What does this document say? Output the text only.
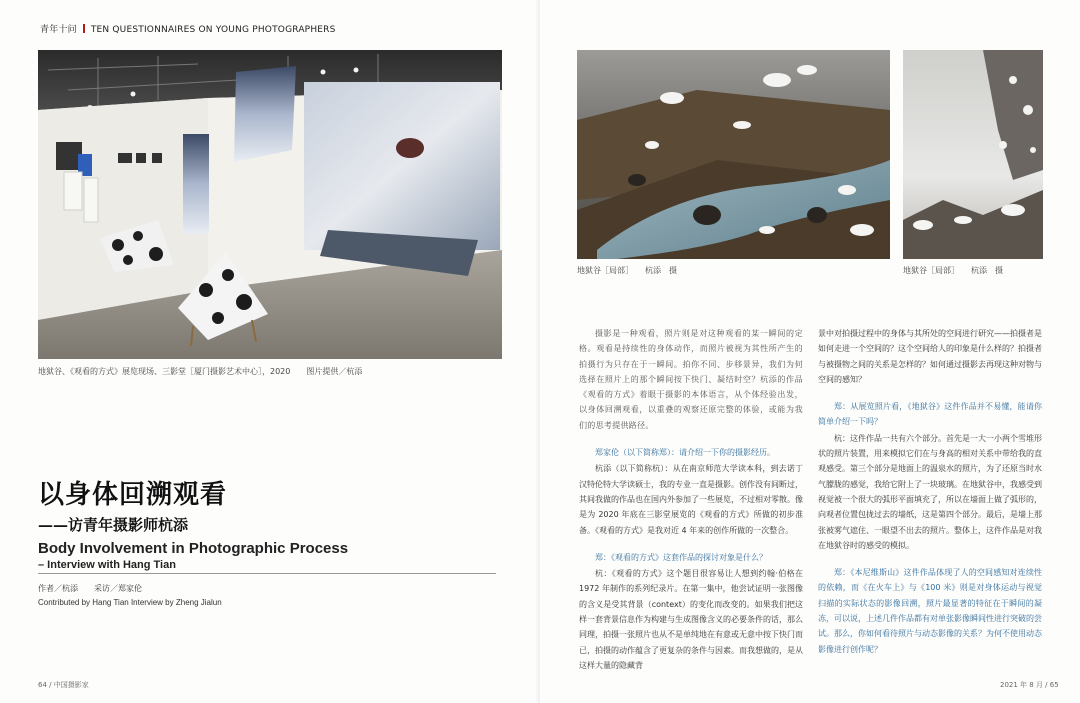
青年十问 TEN QUESTIONNAIRES ON YOUNG PHOTOGRAPHERS
地狱谷、《观看的方式》展览现场、三影堂［厦门摄影艺术中心］，2020　　图片提供／杭添
以身体回溯观看
——访青年摄影师杭添
Body Involvement in Photographic Process
– Interview with Hang Tian
作者／杭添　　采访／郑家伦
Contributed by Hang Tian Interview by Zheng Jialun
64 / 中国摄影家
地狱谷［局部］　　杭添　摄	地狱谷［局部］　　杭添　摄

摄影是一种观看，照片则是对这种观看的某一瞬间的定格。观看是持续性的身体动作，而照片被视为其性所产生的拍摄行为只存在于一瞬间。拍你不同、步移景异，我们为何选择在照片上的那个瞬间按下快门、凝结时空？杭添的作品《观看的方式》着眼于摄影的本体语言，从个体经验出发，以身体回溯观看，以重叠的观察还原完整的体验，或能为我们的思考提供路径。

郑家伦（以下简称郑）：请介绍一下你的摄影经历。

杭添（以下简称杭）：从在南京师范大学读本科，到去诺丁汉特伦特大学读硕士，我的专业一直是摄影。创作没有间断过，其间我做的作品也在国内外参加了一些展览，不过相对零散。像是为 2020 年底在三影堂展览的《观看的方式》所做的初步准备。《观看的方式》是我对近 4 年来的创作所做的一次整合。

郑：《观看的方式》这套作品的探讨对象是什么？

杭：《观看的方式》这个题目很容易让人想到约翰·伯格在 1972 年制作的系列纪录片。在第一集中，他尝试证明一张图像的含义是受其背景（context）的变化而改变的。如果我们把这样一套背景信息作为构建与生成图像含义的必要条件的话，那么同理，拍摄一张照片也从不是单纯地在有意或无意中按下快门而已，拍摄的动作蕴含了更复杂的条件与因素。而我想做的，是从这样大量的隐藏背

景中对拍摄过程中的身体与其所处的空间进行研究——拍摄者是如何走进一个空间的？这个空间给人的印象是什么样的？拍摄者与被摄物之间的关系是怎样的？如何通过摄影去再现这种对物与空间的感知？

郑：从展览照片看，《地狱谷》这件作品并不易懂，能请你简单介绍一下吗？

杭：这件作品一共有六个部分。首先是一大一小两个雪堆形状的照片装置，用来模拟它们在与身高的相对关系中带给我的直观感受。第三个部分是地面上的温泉水的照片，为了还原当时水气朦胧的感觉，我给它附上了一块玻璃。在地狱谷中，我感受到视觉被一个很大的弧形平面填充了，所以在墙面上做了弧形的，向观者位置包拢过去的墙纸，这是第四个部分。最后，是墙上那张被雾气遮住、一眼望不出去的照片。整体上，这件作品是对我在地狱谷时的感受的模拟。

郑：《本尼维斯山》这件作品体现了人的空间感知对连续性的依赖，而《在火车上》与《100 米》则是对身体运动与视觉扫描的实际状态的影像回溯，照片最显著的特征在于瞬间的凝冻，可以说，上述几件作品都有对单张影像瞬间性进行突破的尝试。那么，你如何看待照片与动态影像的关系？为何不使用动态影像进行创作呢？

2021 年 8 月 / 65
